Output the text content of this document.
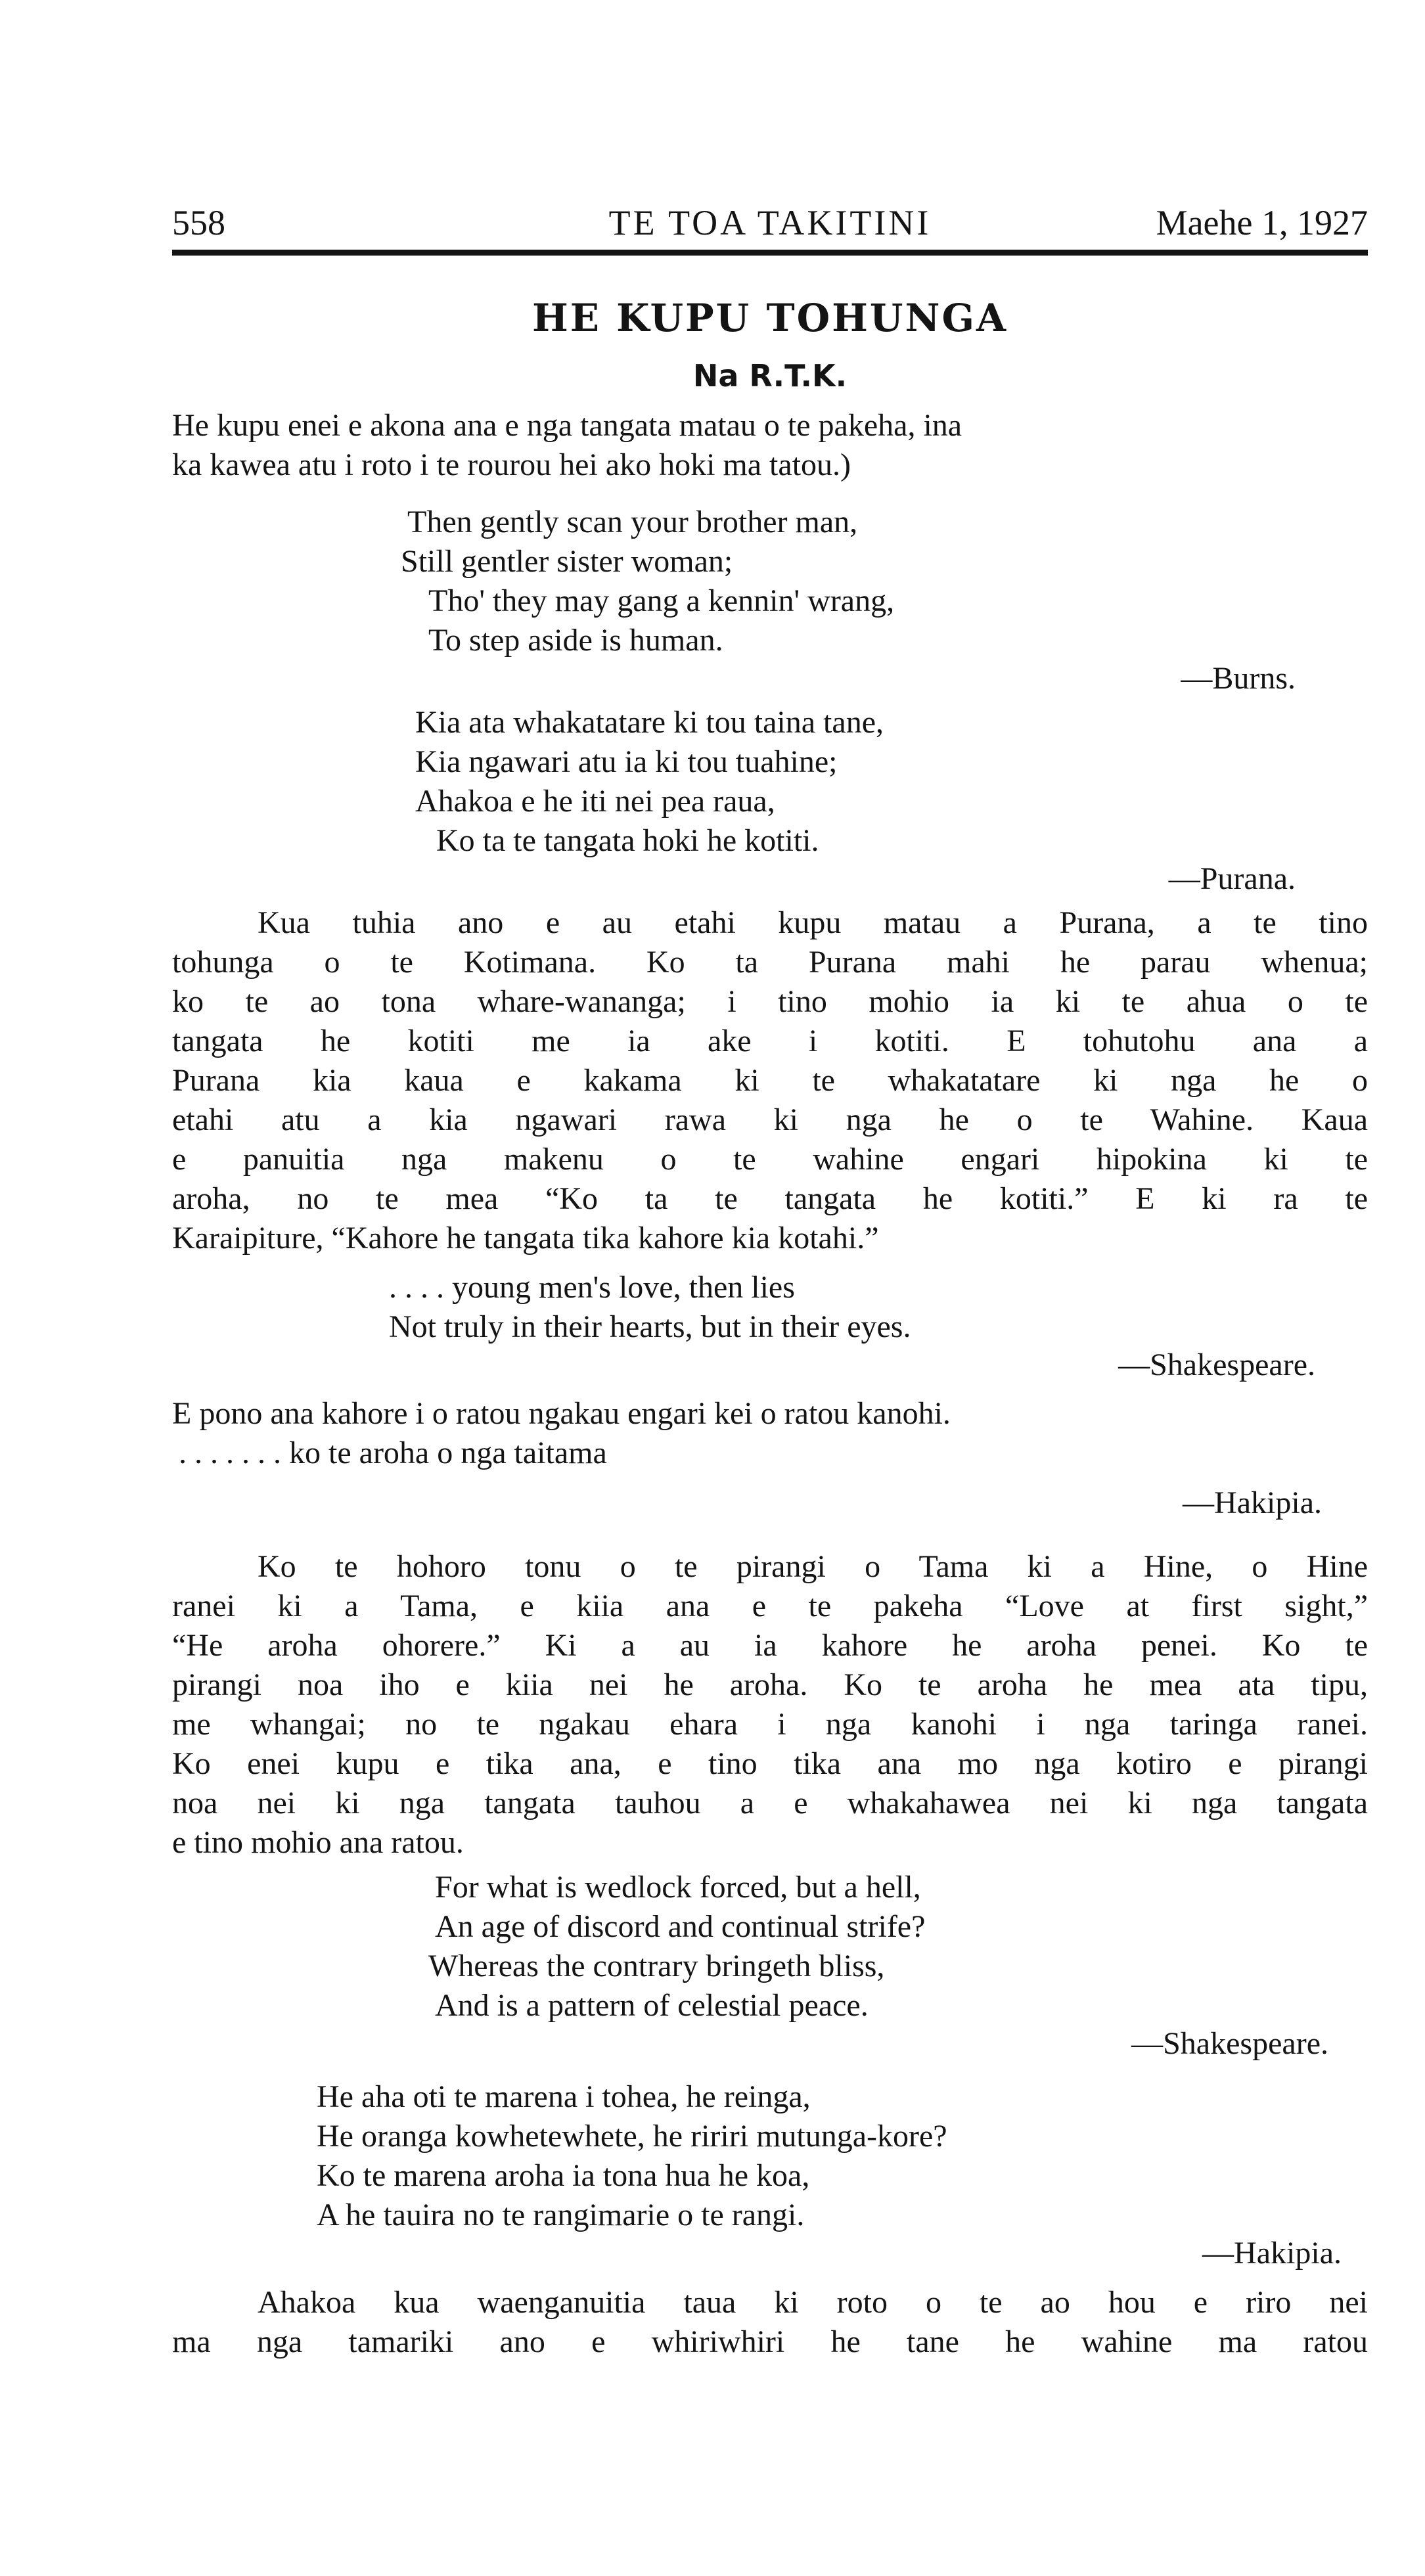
558	TE TOA TAKITINI	Maehe 1, 1927
HE KUPU TOHUNGA
Na R.T.K.
He kupu enei e akona ana e nga tangata matau o te pakeha, ina
ka kawea atu i roto i te rourou hei ako hoki ma tatou.)
Then gently scan your brother man,
Still gentler sister woman;
Tho' they may gang a kennin' wrang,
To step aside is human.
—Burns.
Kia ata whakatatare ki tou taina tane,
Kia ngawari atu ia ki tou tuahine;
Ahakoa e he iti nei pea raua,
Ko ta te tangata hoki he kotiti.
—Purana.
Kua tuhia ano e au etahi kupu matau a Purana, a te tino
tohunga o te Kotimana. Ko ta Purana mahi he parau whenua;
ko te ao tona whare-wananga; i tino mohio ia ki te ahua o te
tangata he kotiti me ia ake i kotiti. E tohutohu ana a
Purana kia kaua e kakama ki te whakatatare ki nga he o
etahi atu a kia ngawari rawa ki nga he o te Wahine. Kaua
e panuitia nga makenu o te wahine engari hipokina ki te
aroha, no te mea “Ko ta te tangata he kotiti.” E ki ra te
Karaipiture, “Kahore he tangata tika kahore kia kotahi.”
. . . . young men's love, then lies
Not truly in their hearts, but in their eyes.
—Shakespeare.
E pono ana kahore i o ratou ngakau engari kei o ratou kanohi.
. . . . . . . ko te aroha o nga taitama
—Hakipia.
Ko te hohoro tonu o te pirangi o Tama ki a Hine, o Hine
ranei ki a Tama, e kiia ana e te pakeha “Love at first sight,”
“He aroha ohorere.” Ki a au ia kahore he aroha penei. Ko te
pirangi noa iho e kiia nei he aroha. Ko te aroha he mea ata tipu,
me whangai; no te ngakau ehara i nga kanohi i nga taringa ranei.
Ko enei kupu e tika ana, e tino tika ana mo nga kotiro e pirangi
noa nei ki nga tangata tauhou a e whakahawea nei ki nga tangata
e tino mohio ana ratou.
For what is wedlock forced, but a hell,
An age of discord and continual strife?
Whereas the contrary bringeth bliss,
And is a pattern of celestial peace.
—Shakespeare.
He aha oti te marena i tohea, he reinga,
He oranga kowhetewhete, he ririri mutunga-kore?
Ko te marena aroha ia tona hua he koa,
A he tauira no te rangimarie o te rangi.
—Hakipia.
Ahakoa kua waenganuitia taua ki roto o te ao hou e riro nei
ma nga tamariki ano e whiriwhiri he tane he wahine ma ratou
